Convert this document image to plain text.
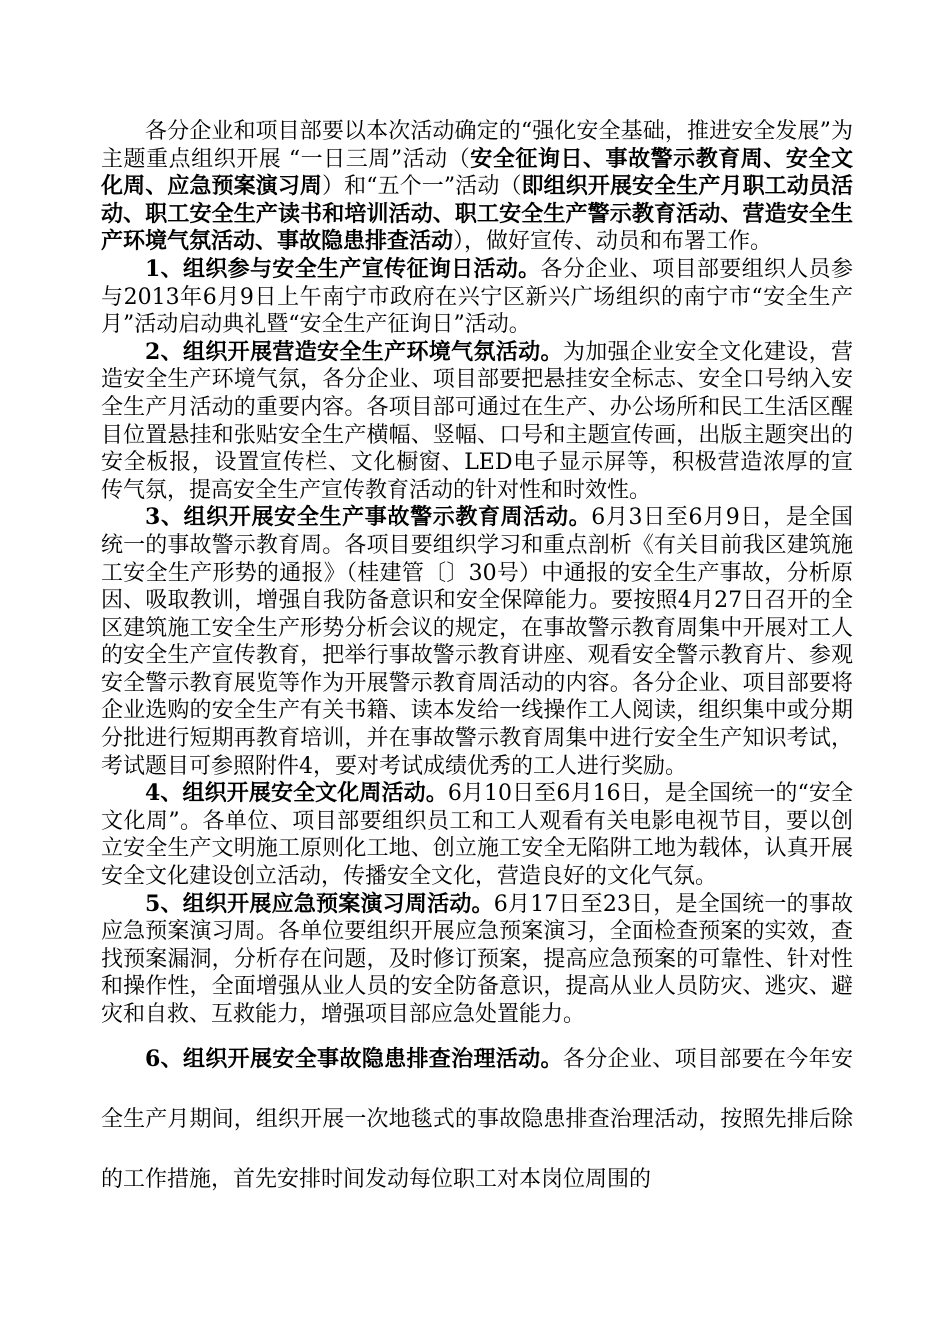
各分企业和项目部要以本次活动确定的“强化安全基础，推进安全发展”为主题重点组织开展 “一日三周”活动（安全征询日、事故警示教育周、安全文化周、应急预案演习周）和“五个一”活动（即组织开展安全生产月职工动员活动、职工安全生产读书和培训活动、职工安全生产警示教育活动、营造安全生产环境气氛活动、事故隐患排查活动），做好宣传、动员和布署工作。

1、组织参与安全生产宣传征询日活动。各分企业、项目部要组织人员参与2013年6月9日上午南宁市政府在兴宁区新兴广场组织的南宁市“安全生产月”活动启动典礼暨“安全生产征询日”活动。

2、组织开展营造安全生产环境气氛活动。为加强企业安全文化建设，营造安全生产环境气氛，各分企业、项目部要把悬挂安全标志、安全口号纳入安全生产月活动的重要内容。各项目部可通过在生产、办公场所和民工生活区醒目位置悬挂和张贴安全生产横幅、竖幅、口号和主题宣传画，出版主题突出的安全板报，设置宣传栏、文化橱窗、LED电子显示屏等，积极营造浓厚的宣传气氛，提高安全生产宣传教育活动的针对性和时效性。

3、组织开展安全生产事故警示教育周活动。6月3日至6月9日，是全国统一的事故警示教育周。各项目要组织学习和重点剖析《有关目前我区建筑施工安全生产形势的通报》（桂建管〔〕30号）中通报的安全生产事故，分析原因、吸取教训，增强自我防备意识和安全保障能力。要按照4月27日召开的全区建筑施工安全生产形势分析会议的规定，在事故警示教育周集中开展对工人的安全生产宣传教育，把举行事故警示教育讲座、观看安全警示教育片、参观安全警示教育展览等作为开展警示教育周活动的内容。各分企业、项目部要将企业选购的安全生产有关书籍、读本发给一线操作工人阅读，组织集中或分期分批进行短期再教育培训，并在事故警示教育周集中进行安全生产知识考试，考试题目可参照附件4，要对考试成绩优秀的工人进行奖励。

4、组织开展安全文化周活动。6月10日至6月16日，是全国统一的“安全文化周”。各单位、项目部要组织员工和工人观看有关电影电视节目，要以创立安全生产文明施工原则化工地、创立施工安全无陷阱工地为载体，认真开展安全文化建设创立活动，传播安全文化，营造良好的文化气氛。

5、组织开展应急预案演习周活动。6月17日至23日，是全国统一的事故应急预案演习周。各单位要组织开展应急预案演习，全面检查预案的实效，查找预案漏洞，分析存在问题，及时修订预案，提高应急预案的可靠性、针对性和操作性，全面增强从业人员的安全防备意识，提高从业人员防灾、逃灾、避灾和自救、互救能力，增强项目部应急处置能力。

6、组织开展安全事故隐患排查治理活动。各分企业、项目部要在今年安全生产月期间，组织开展一次地毯式的事故隐患排查治理活动，按照先排后除的工作措施，首先安排时间发动每位职工对本岗位周围的
